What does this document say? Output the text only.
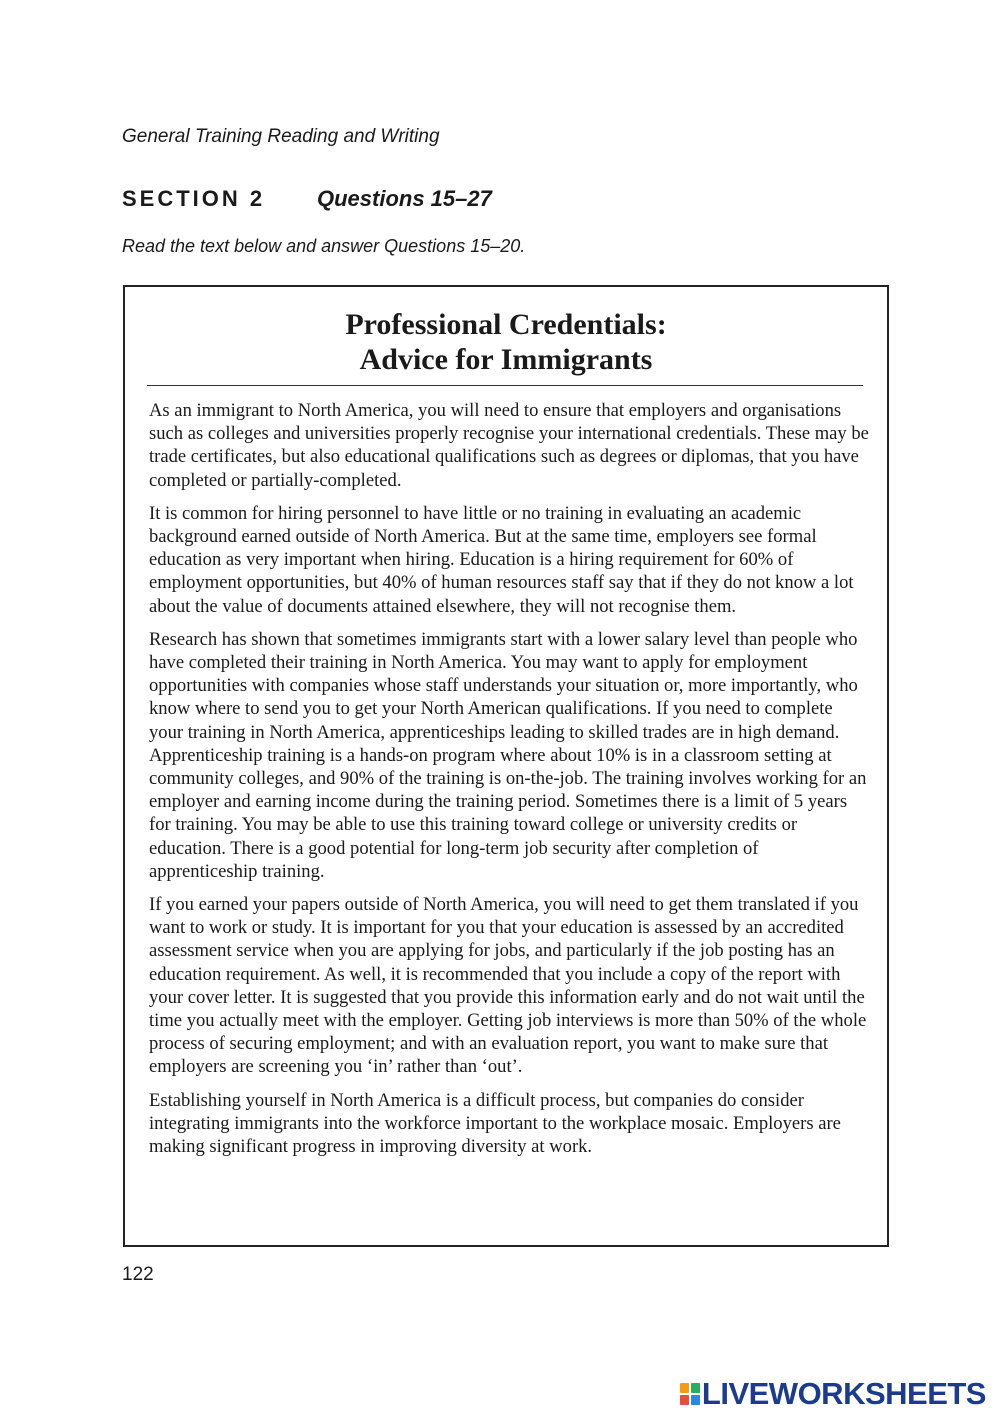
General Training Reading and Writing
SECTION 2	Questions 15–27
Read the text below and answer Questions 15–20.
Professional Credentials:
Advice for Immigrants

As an immigrant to North America, you will need to ensure that employers and organisations such as colleges and universities properly recognise your international credentials. These may be trade certificates, but also educational qualifications such as degrees or diplomas, that you have completed or partially-completed.

It is common for hiring personnel to have little or no training in evaluating an academic background earned outside of North America. But at the same time, employers see formal education as very important when hiring. Education is a hiring requirement for 60% of employment opportunities, but 40% of human resources staff say that if they do not know a lot about the value of documents attained elsewhere, they will not recognise them.

Research has shown that sometimes immigrants start with a lower salary level than people who have completed their training in North America. You may want to apply for employment opportunities with companies whose staff understands your situation or, more importantly, who know where to send you to get your North American qualifications. If you need to complete your training in North America, apprenticeships leading to skilled trades are in high demand. Apprenticeship training is a hands-on program where about 10% is in a classroom setting at community colleges, and 90% of the training is on-the-job. The training involves working for an employer and earning income during the training period. Sometimes there is a limit of 5 years for training. You may be able to use this training toward college or university credits or education. There is a good potential for long-term job security after completion of apprenticeship training.

If you earned your papers outside of North America, you will need to get them translated if you want to work or study. It is important for you that your education is assessed by an accredited assessment service when you are applying for jobs, and particularly if the job posting has an education requirement. As well, it is recommended that you include a copy of the report with your cover letter. It is suggested that you provide this information early and do not wait until the time you actually meet with the employer. Getting job interviews is more than 50% of the whole process of securing employment; and with an evaluation report, you want to make sure that employers are screening you ‘in’ rather than ‘out’.

Establishing yourself in North America is a difficult process, but companies do consider integrating immigrants into the workforce important to the workplace mosaic. Employers are making significant progress in improving diversity at work.

122
LIVEWORKSHEETS
